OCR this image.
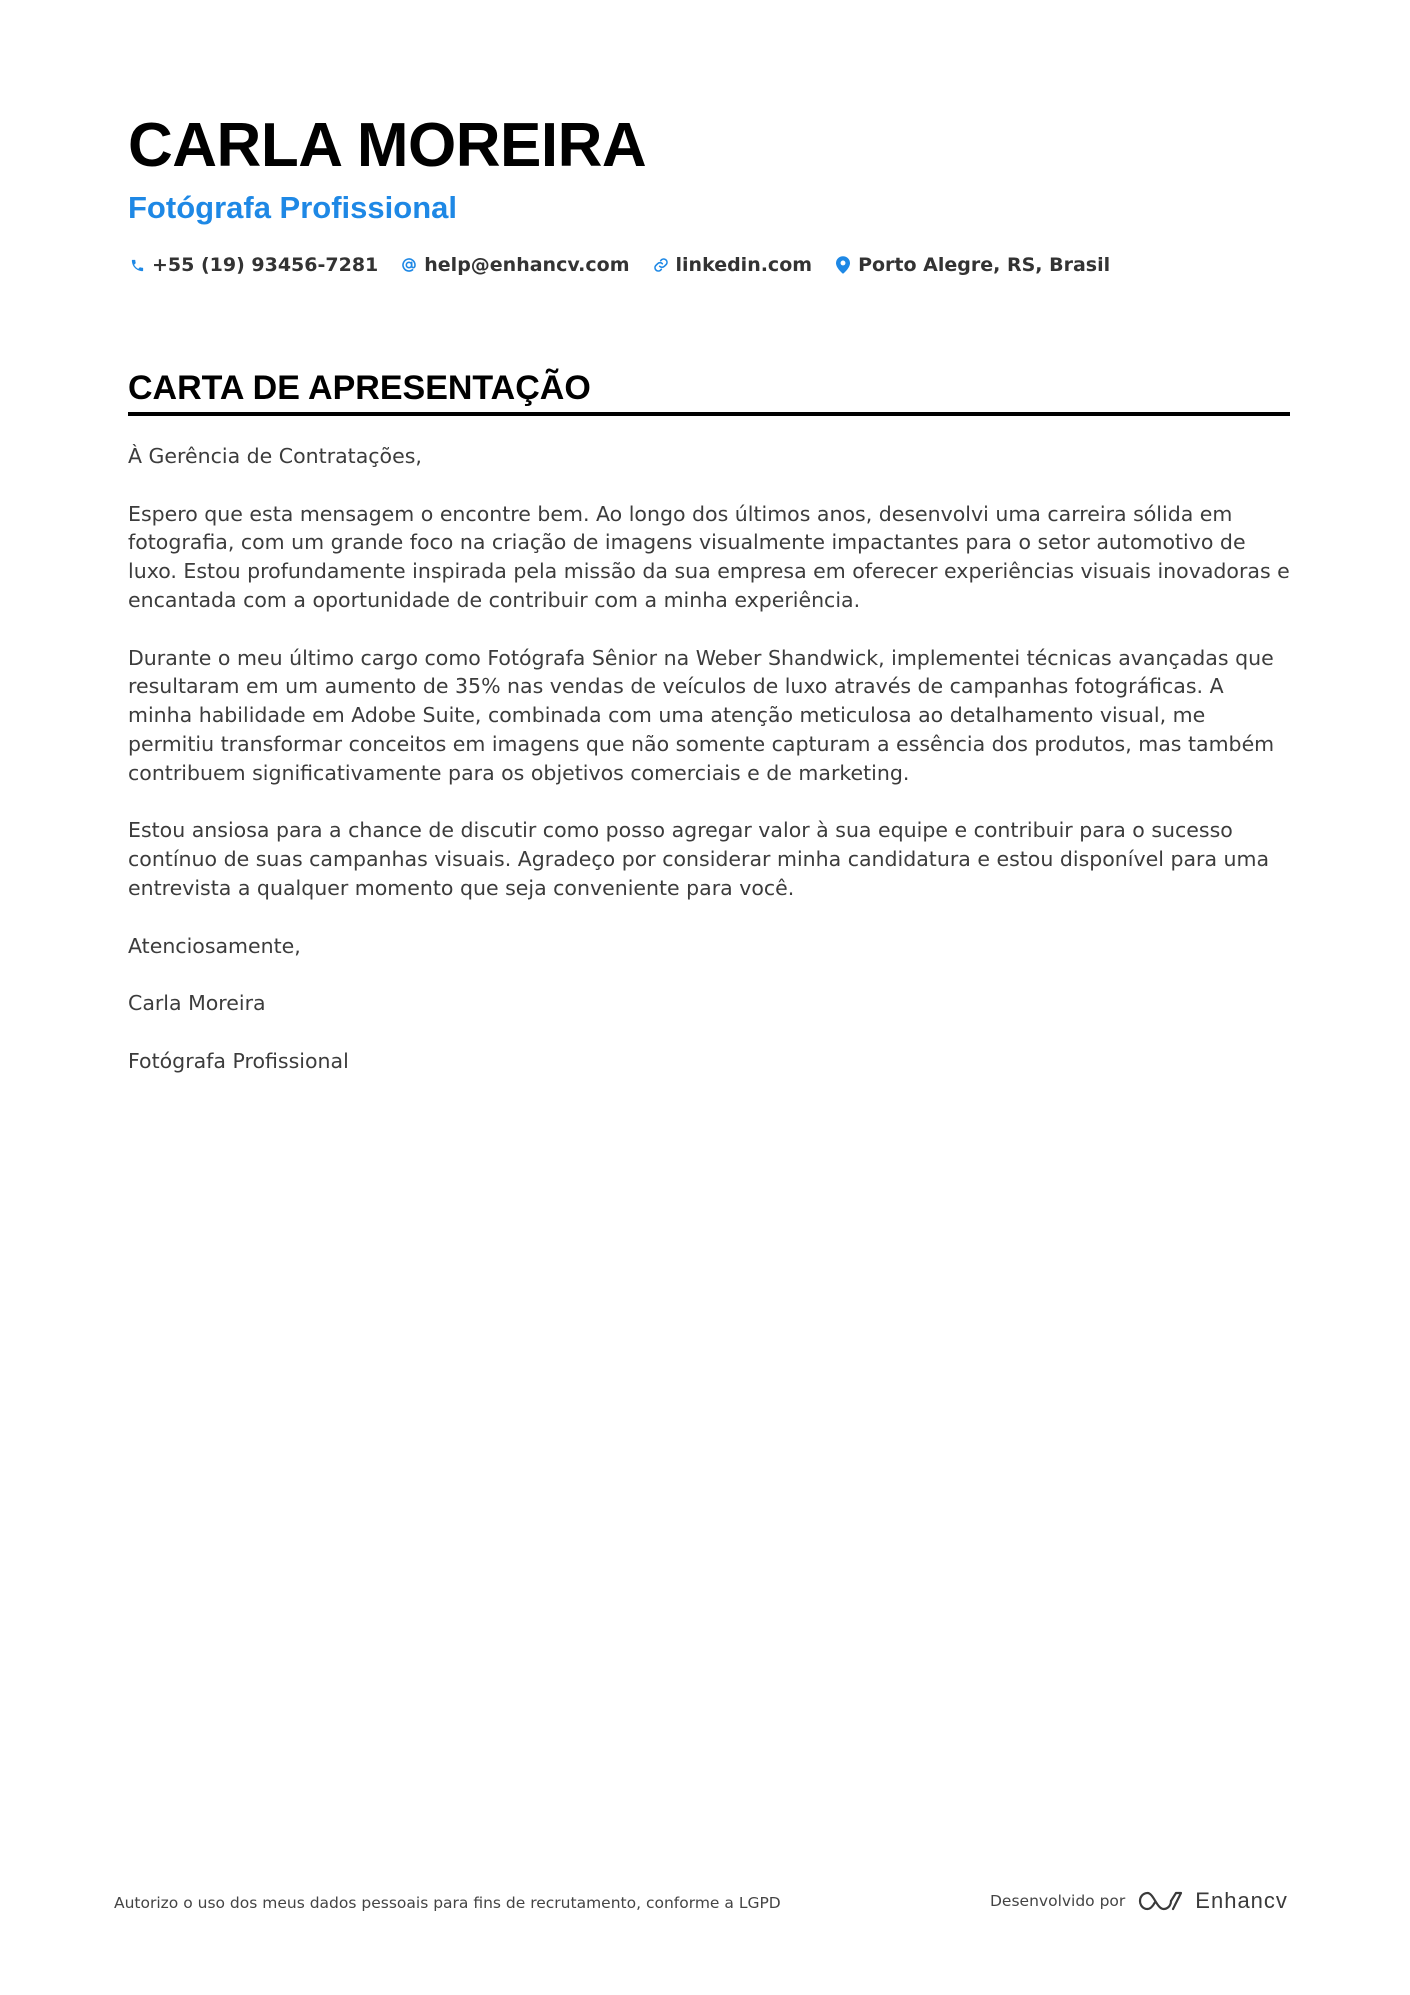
CARLA MOREIRA
Fotógrafa Profissional
+55 (19) 93456-7281 help@enhancv.com linkedin.com Porto Alegre, RS, Brasil
CARTA DE APRESENTAÇÃO

À Gerência de Contratações,

Espero que esta mensagem o encontre bem. Ao longo dos últimos anos, desenvolvi uma carreira sólida em fotografia, com um grande foco na criação de imagens visualmente impactantes para o setor automotivo de luxo. Estou profundamente inspirada pela missão da sua empresa em oferecer experiências visuais inovadoras e encantada com a oportunidade de contribuir com a minha experiência.

Durante o meu último cargo como Fotógrafa Sênior na Weber Shandwick, implementei técnicas avançadas que resultaram em um aumento de 35% nas vendas de veículos de luxo através de campanhas fotográficas. A minha habilidade em Adobe Suite, combinada com uma atenção meticulosa ao detalhamento visual, me permitiu transformar conceitos em imagens que não somente capturam a essência dos produtos, mas também contribuem significativamente para os objetivos comerciais e de marketing.

Estou ansiosa para a chance de discutir como posso agregar valor à sua equipe e contribuir para o sucesso contínuo de suas campanhas visuais. Agradeço por considerar minha candidatura e estou disponível para uma entrevista a qualquer momento que seja conveniente para você.

Atenciosamente,

Carla Moreira

Fotógrafa Profissional

Autorizo o uso dos meus dados pessoais para fins de recrutamento, conforme a LGPD	Desenvolvido por	Enhancv
